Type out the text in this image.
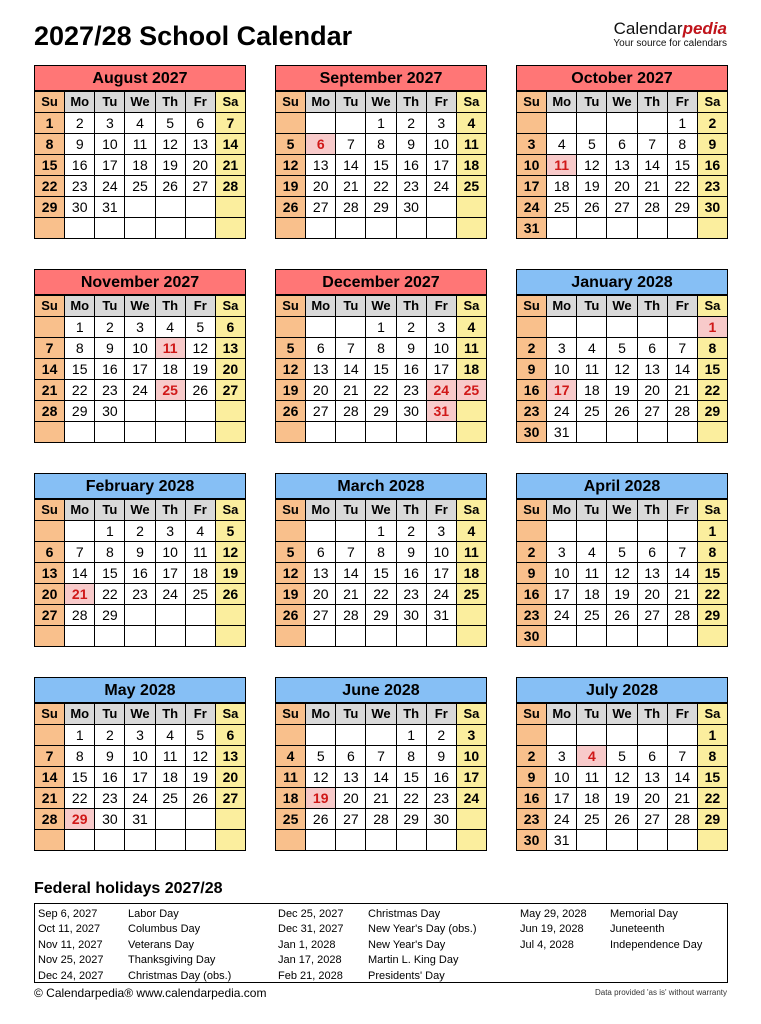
2027/28 School Calendar	Calendarpedia
Your source for calendars
August 2027
Su	Mo	Tu	We	Th	Fr	Sa
1	2	3	4	5	6	7
8	9	10	11	12	13	14
15	16	17	18	19	20	21
22	23	24	25	26	27	28
29	30	31				

September 2027
Su	Mo	Tu	We	Th	Fr	Sa
			1	2	3	4
5	6	7	8	9	10	11
12	13	14	15	16	17	18
19	20	21	22	23	24	25
26	27	28	29	30		

October 2027
Su	Mo	Tu	We	Th	Fr	Sa
					1	2
3	4	5	6	7	8	9
10	11	12	13	14	15	16
17	18	19	20	21	22	23
24	25	26	27	28	29	30
31						
November 2027
Su	Mo	Tu	We	Th	Fr	Sa
	1	2	3	4	5	6
7	8	9	10	11	12	13
14	15	16	17	18	19	20
21	22	23	24	25	26	27
28	29	30				

December 2027
Su	Mo	Tu	We	Th	Fr	Sa
			1	2	3	4
5	6	7	8	9	10	11
12	13	14	15	16	17	18
19	20	21	22	23	24	25
26	27	28	29	30	31	

January 2028
Su	Mo	Tu	We	Th	Fr	Sa
						1
2	3	4	5	6	7	8
9	10	11	12	13	14	15
16	17	18	19	20	21	22
23	24	25	26	27	28	29
30	31					
February 2028
Su	Mo	Tu	We	Th	Fr	Sa
		1	2	3	4	5
6	7	8	9	10	11	12
13	14	15	16	17	18	19
20	21	22	23	24	25	26
27	28	29				

March 2028
Su	Mo	Tu	We	Th	Fr	Sa
			1	2	3	4
5	6	7	8	9	10	11
12	13	14	15	16	17	18
19	20	21	22	23	24	25
26	27	28	29	30	31	

April 2028
Su	Mo	Tu	We	Th	Fr	Sa
						1
2	3	4	5	6	7	8
9	10	11	12	13	14	15
16	17	18	19	20	21	22
23	24	25	26	27	28	29
30						
May 2028
Su	Mo	Tu	We	Th	Fr	Sa
	1	2	3	4	5	6
7	8	9	10	11	12	13
14	15	16	17	18	19	20
21	22	23	24	25	26	27
28	29	30	31			

June 2028
Su	Mo	Tu	We	Th	Fr	Sa
				1	2	3
4	5	6	7	8	9	10
11	12	13	14	15	16	17
18	19	20	21	22	23	24
25	26	27	28	29	30	

July 2028
Su	Mo	Tu	We	Th	Fr	Sa
						1
2	3	4	5	6	7	8
9	10	11	12	13	14	15
16	17	18	19	20	21	22
23	24	25	26	27	28	29
30	31					
Federal holidays 2027/28
Sep 6, 2027	Labor Day
Oct 11, 2027	Columbus Day
Nov 11, 2027 Veterans Day
Nov 25, 2027 Thanksgiving Day
Dec 24, 2027 Christmas Day (obs.)
Dec 25, 2027 Christmas Day
Dec 31, 2027 New Year's Day (obs.)
Jan 1, 2028	New Year's Day
Jan 17, 2028 Martin L. King Day
Feb 21, 2028 Presidents' Day
May 29, 2028 Memorial Day
Jun 19, 2028 Juneteenth
Jul 4, 2028	Independence Day
© Calendarpedia® www.calendarpedia.com	Data provided 'as is' without warranty
